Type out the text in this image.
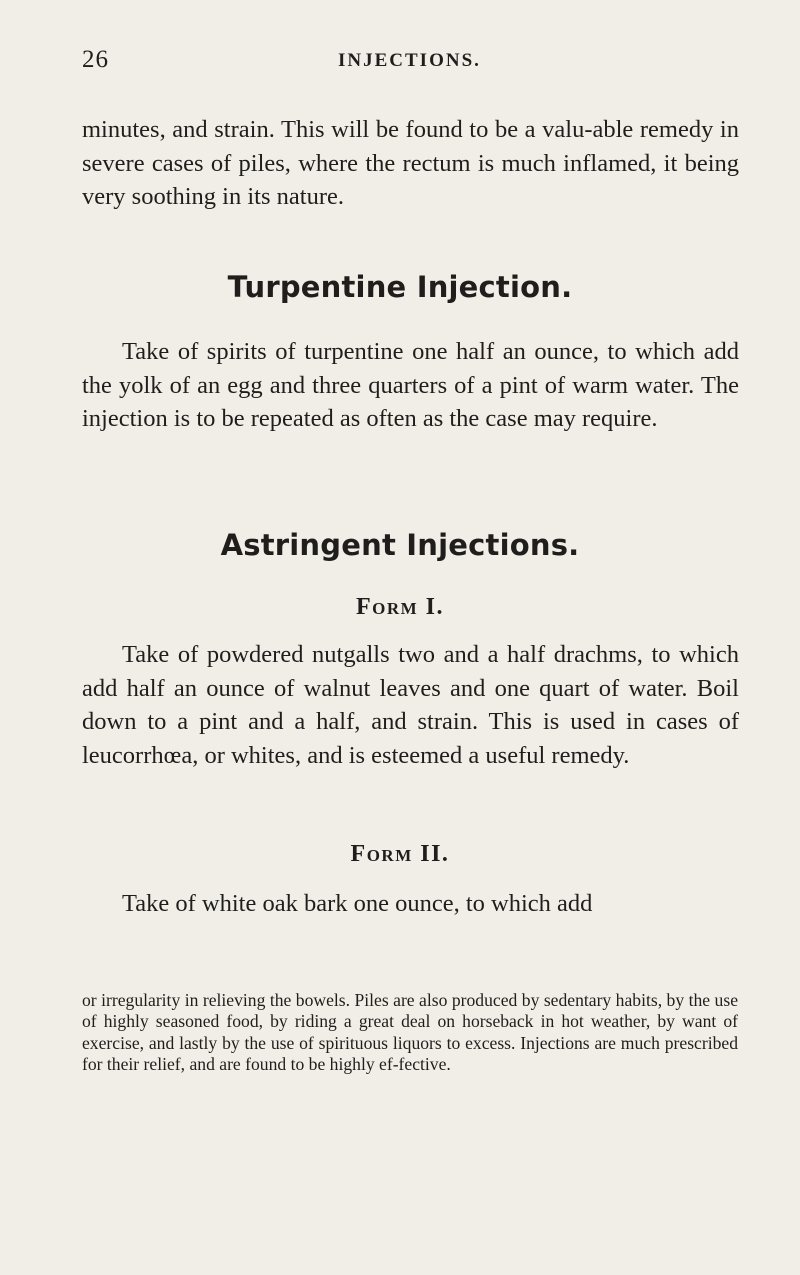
26	INJECTIONS.

minutes, and strain. This will be found to be a valu-able remedy in severe cases of piles, where the rectum is much inflamed, it being very soothing in its nature.

Turpentine Injection.

Take of spirits of turpentine one half an ounce, to which add the yolk of an egg and three quarters of a pint of warm water. The injection is to be repeated as often as the case may require.

Astringent Injections.
Form I.

Take of powdered nutgalls two and a half drachms, to which add half an ounce of walnut leaves and one quart of water. Boil down to a pint and a half, and strain. This is used in cases of leucorrhœa, or whites, and is esteemed a useful remedy.

Form II.

Take of white oak bark one ounce, to which add

or irregularity in relieving the bowels. Piles are also produced by sedentary habits, by the use of highly seasoned food, by riding a great deal on horseback in hot weather, by want of exercise, and lastly by the use of spirituous liquors to excess. Injections are much prescribed for their relief, and are found to be highly ef-fective.
